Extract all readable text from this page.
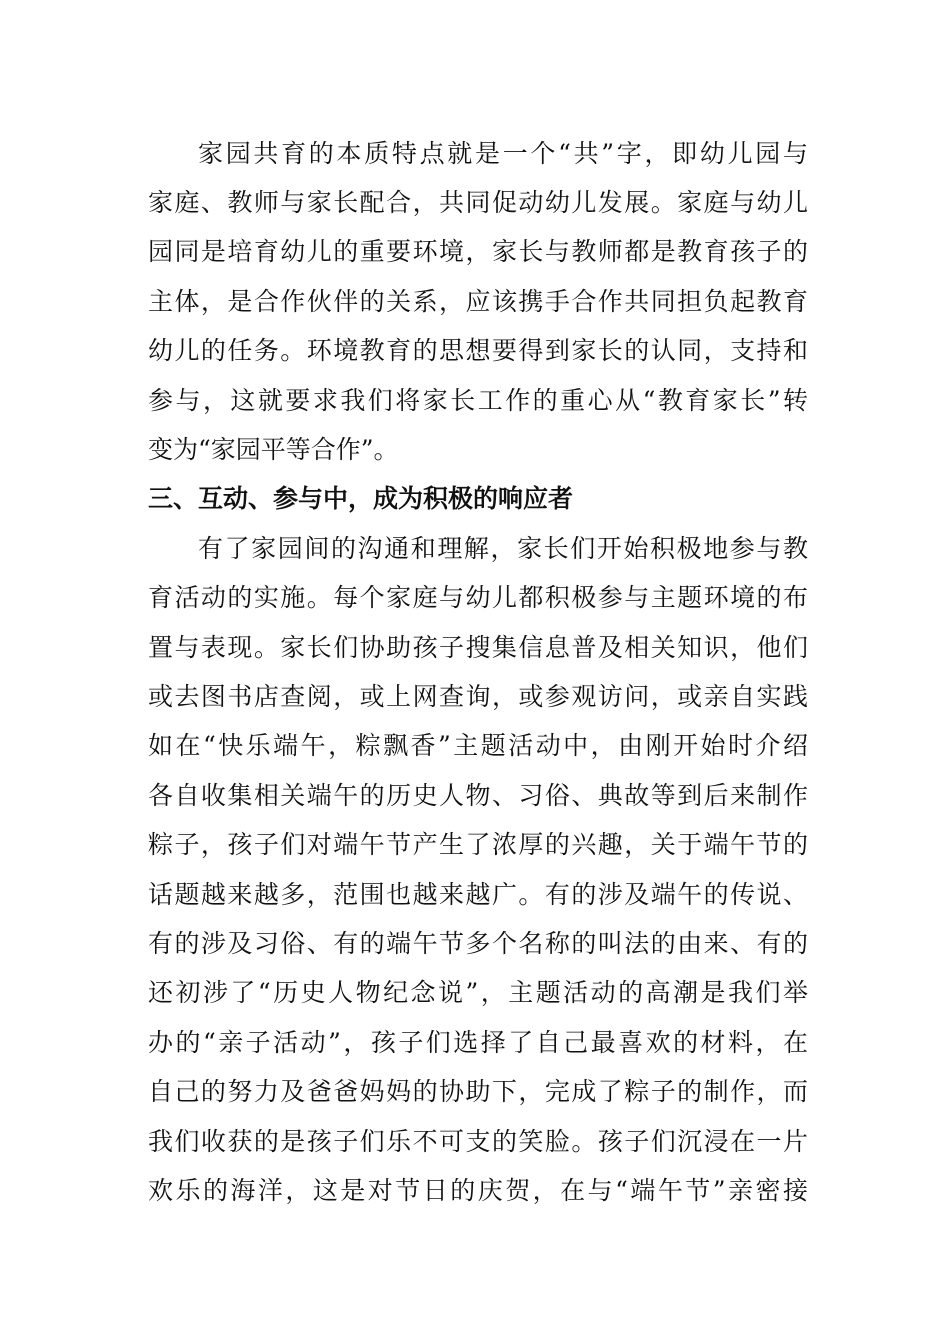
家园共育的本质特点就是一个“共”字，即幼儿园与
家庭、教师与家长配合，共同促动幼儿发展。家庭与幼儿
园同是培育幼儿的重要环境，家长与教师都是教育孩子的
主体，是合作伙伴的关系，应该携手合作共同担负起教育
幼儿的任务。环境教育的思想要得到家长的认同，支持和
参与，这就要求我们将家长工作的重心从“教育家长”转
变为“家园平等合作”。
三、互动、参与中，成为积极的响应者
有了家园间的沟通和理解，家长们开始积极地参与教
育活动的实施。每个家庭与幼儿都积极参与主题环境的布
置与表现。家长们协助孩子搜集信息普及相关知识，他们
或去图书店查阅，或上网查询，或参观访问，或亲自实践
如在“快乐端午，粽飘香”主题活动中，由刚开始时介绍
各自收集相关端午的历史人物、习俗、典故等到后来制作
粽子，孩子们对端午节产生了浓厚的兴趣，关于端午节的
话题越来越多，范围也越来越广。有的涉及端午的传说、
有的涉及习俗、有的端午节多个名称的叫法的由来、有的
还初涉了“历史人物纪念说”，主题活动的高潮是我们举
办的“亲子活动”，孩子们选择了自己最喜欢的材料，在
自己的努力及爸爸妈妈的协助下，完成了粽子的制作，而
我们收获的是孩子们乐不可支的笑脸。孩子们沉浸在一片
欢乐的海洋，这是对节日的庆贺，在与“端午节”亲密接
